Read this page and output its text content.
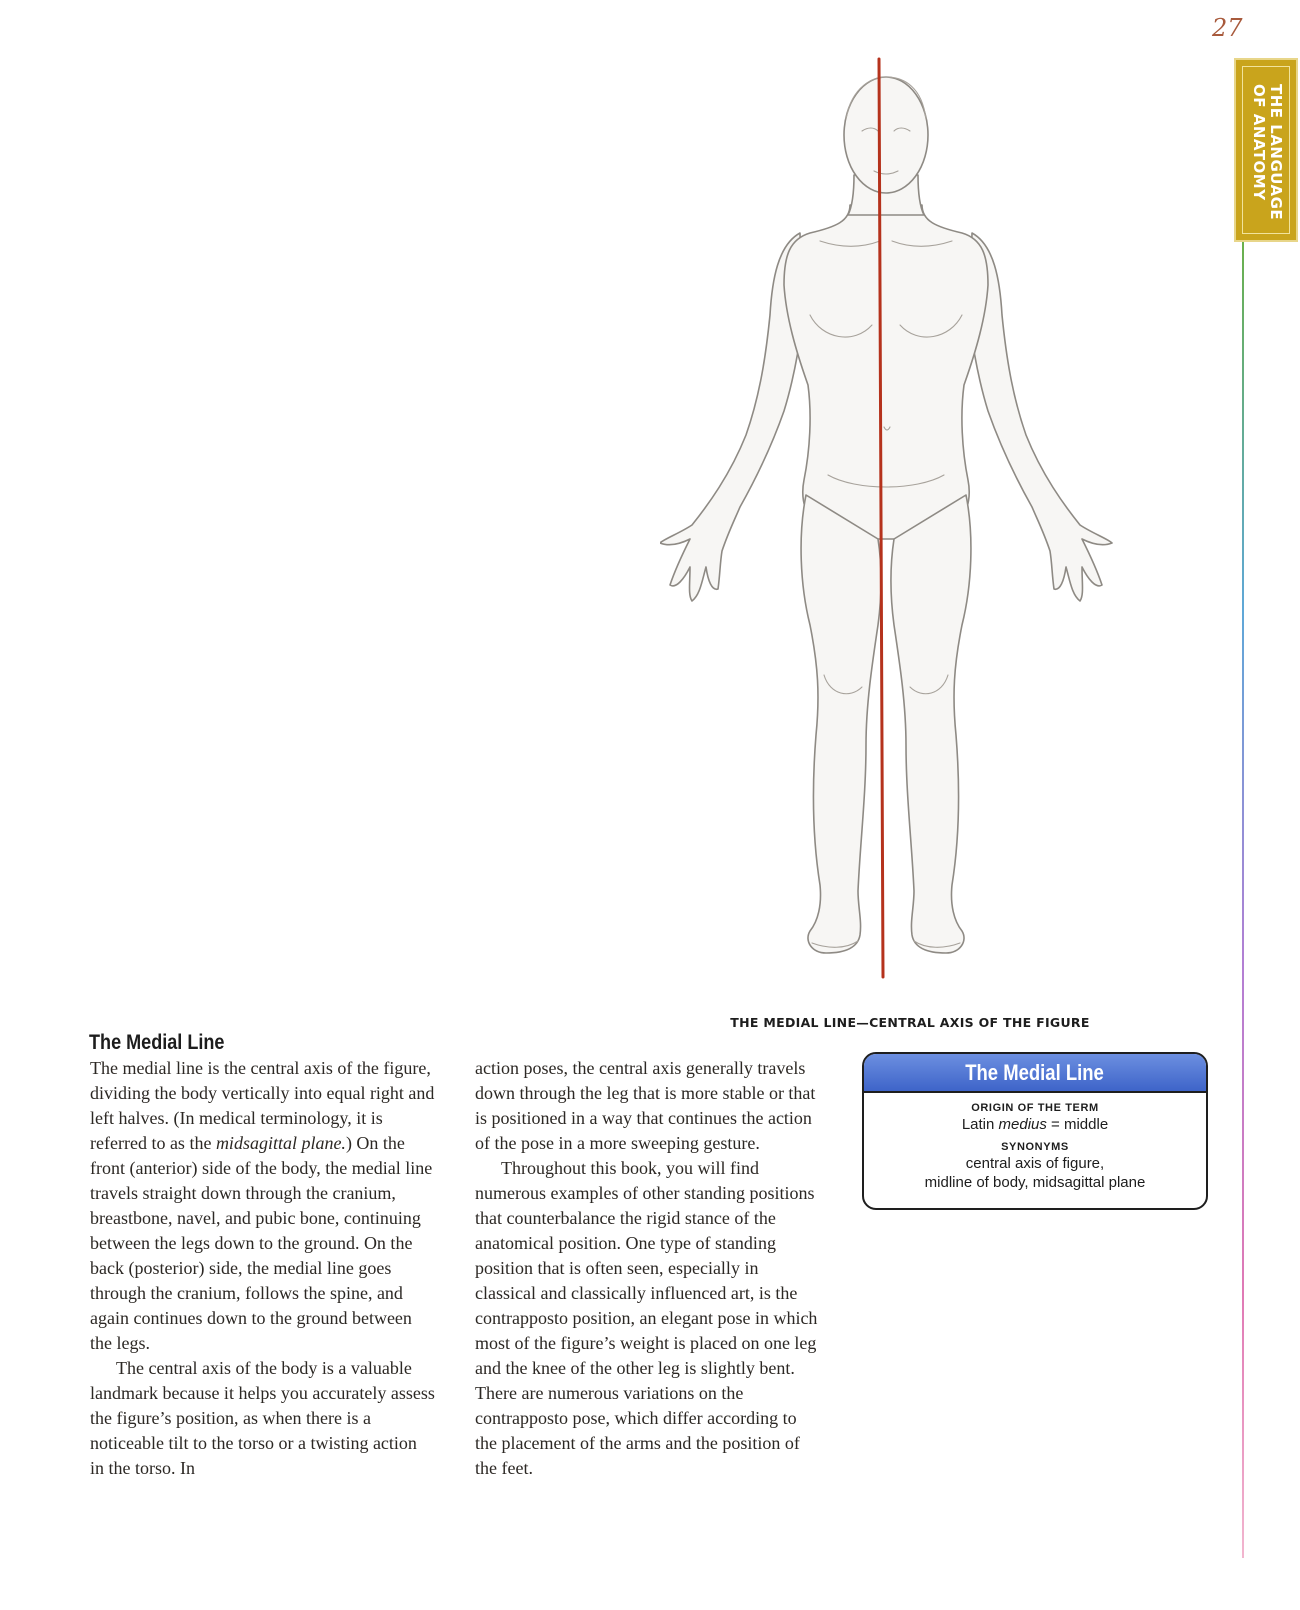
27
THE LANGUAGE
OF ANATOMY
THE MEDIAL LINE—CENTRAL AXIS OF THE FIGURE
The Medial Line

The medial line is the central axis of the figure, dividing the body vertically into equal right and left halves. (In medical terminology, it is referred to as the midsagittal plane.) On the front (anterior) side of the body, the medial line travels straight down through the cranium, breastbone, navel, and pubic bone, continuing between the legs down to the ground. On the back (posterior) side, the medial line goes through the cranium, follows the spine, and again continues down to the ground between the legs.

The central axis of the body is a valuable landmark because it helps you accurately assess the figure’s position, as when there is a noticeable tilt to the torso or a twisting action in the torso. In

action poses, the central axis generally travels down through the leg that is more stable or that is positioned in a way that continues the action of the pose in a more sweeping gesture.

Throughout this book, you will find numerous examples of other standing positions that counterbalance the rigid stance of the anatomical position. One type of standing position that is often seen, especially in classical and classically influenced art, is the contrapposto position, an elegant pose in which most of the figure’s weight is placed on one leg and the knee of the other leg is slightly bent. There are numerous variations on the contrapposto pose, which differ according to the placement of the arms and the position of the feet.

The Medial Line
ORIGIN OF THE TERM
Latin medius = middle
SYNONYMS
central axis of figure,
midline of body, midsagittal plane
